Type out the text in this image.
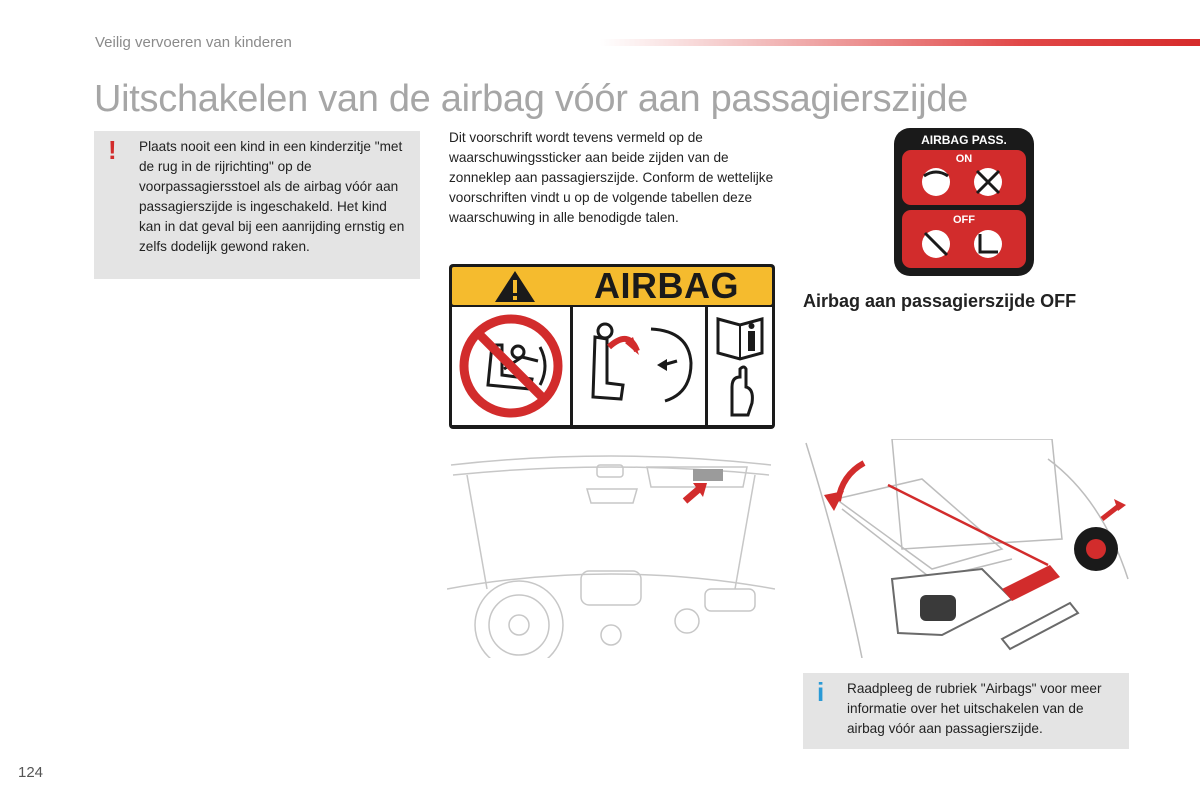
Veilig vervoeren van kinderen
Uitschakelen van de airbag vóór aan passagierszijde
! Plaats nooit een kind in een kinderzitje "met de rug in de rijrichting" op de voorpassagiersstoel als de airbag vóór aan passagierszijde is ingeschakeld. Het kind kan in dat geval bij een aanrijding ernstig en zelfs dodelijk gewond raken.
Dit voorschrift wordt tevens vermeld op de waarschuwingssticker aan beide zijden van de zonneklep aan passagierszijde. Conform de wettelijke voorschriften vindt u op de volgende tabellen deze waarschuwing in alle benodigde talen.
AIRBAG
AIRBAG PASS.
ON
OFF
Airbag aan passagierszijde OFF
i Raadpleeg de rubriek "Airbags" voor meer informatie over het uitschakelen van de airbag vóór aan passagierszijde.
124
